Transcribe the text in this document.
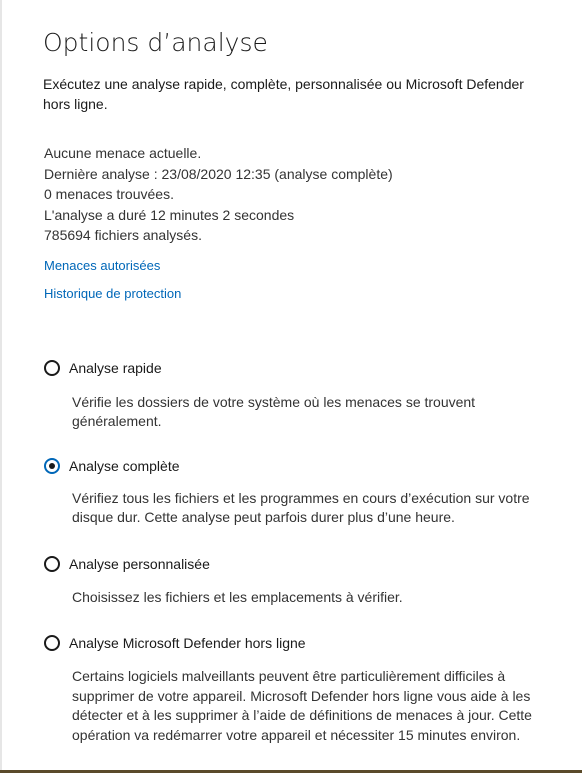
Options d’analyse
Exécutez une analyse rapide, complète, personnalisée ou Microsoft Defender hors ligne.
Aucune menace actuelle.
Dernière analyse : 23/08/2020 12:35 (analyse complète)
0 menaces trouvées.
L'analyse a duré 12 minutes 2 secondes
785694 fichiers analysés.
Menaces autorisées
Historique de protection
Analyse rapide
Vérifie les dossiers de votre système où les menaces se trouvent généralement.
Analyse complète
Vérifiez tous les fichiers et les programmes en cours d’exécution sur votre disque dur. Cette analyse peut parfois durer plus d’une heure.
Analyse personnalisée
Choisissez les fichiers et les emplacements à vérifier.
Analyse Microsoft Defender hors ligne
Certains logiciels malveillants peuvent être particulièrement difficiles à supprimer de votre appareil. Microsoft Defender hors ligne vous aide à les détecter et à les supprimer à l’aide de définitions de menaces à jour. Cette opération va redémarrer votre appareil et nécessiter 15 minutes environ.
